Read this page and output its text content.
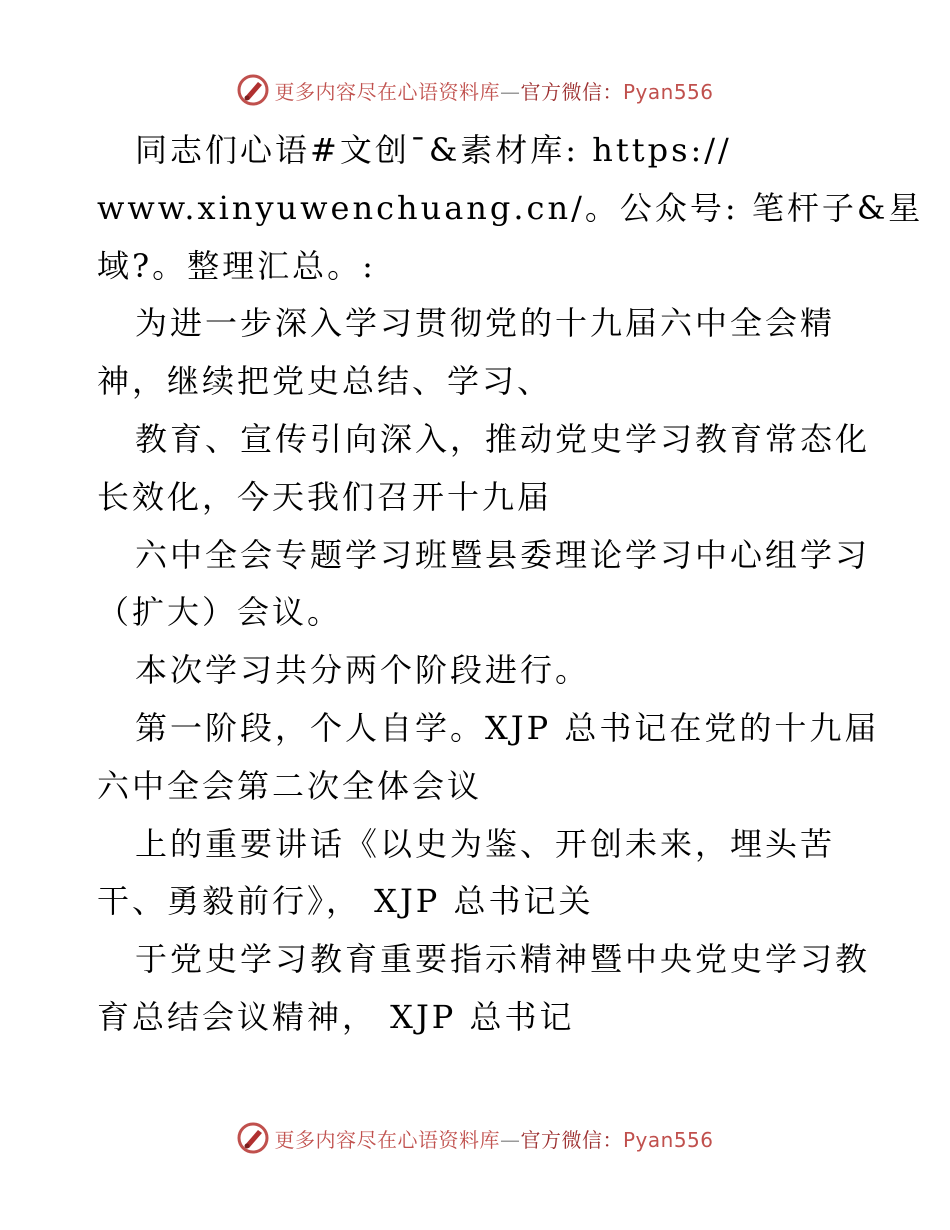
更多内容尽在心语资料库—官方微信：Pyan556
同志们心语#文创¯&素材库: https://
www.xinyuwenchuang.cn/。公众号: 笔杆子&星
域?。整理汇总。:
为进一步深入学习贯彻党的十九届六中全会精
神，继续把党史总结、学习、
教育、宣传引向深入，推动党史学习教育常态化
长效化，今天我们召开十九届
六中全会专题学习班暨县委理论学习中心组学习
（扩大）会议。
本次学习共分两个阶段进行。
第一阶段，个人自学。XJP 总书记在党的十九届
六中全会第二次全体会议
上的重要讲话《以史为鉴、开创未来，埋头苦
干、勇毅前行》， XJP 总书记关
于党史学习教育重要指示精神暨中央党史学习教
育总结会议精神， XJP 总书记
更多内容尽在心语资料库—官方微信：Pyan556
